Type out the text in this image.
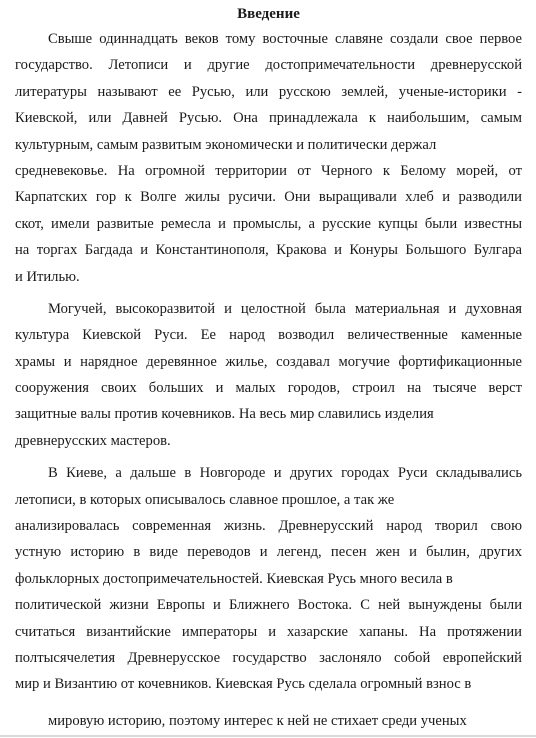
Введение
Свыше одиннадцать веков тому восточные славяне создали свое первое
государство. Летописи и другие достопримечательности древнерусской
литературы называют ее Русью, или русскою землей, ученые-историки -
Киевской, или Давней Русью. Она принадлежала к наибольшим, самым
культурным, самым развитым экономически и политически держал
средневековье. На огромной территории от Черного к Белому морей, от
Карпатских гор к Волге жилы русичи. Они выращивали хлеб и разводили
скот, имели развитые ремесла и промыслы, а русские купцы были известны
на торгах Багдада и Константинополя, Кракова и Конуры Большого Булгара
и Итилью.
Могучей, высокоразвитой и целостной была материальная и духовная
культура Киевской Руси. Ее народ возводил величественные каменные
храмы и нарядное деревянное жилье, создавал могучие фортификационные
сооружения своих больших и малых городов, строил на тысяче верст
защитные валы против кочевников. На весь мир славились изделия
древнерусских мастеров.
В Киеве, а дальше в Новгороде и других городах Руси складывались
летописи, в которых описывалось славное прошлое, а так же
анализировалась современная жизнь. Древнерусский народ творил свою
устную историю в виде переводов и легенд, песен жен и былин, других
фольклорных достопримечательностей. Киевская Русь много весила в
политической жизни Европы и Ближнего Востока. С ней вынуждены были
считаться византийские императоры и хазарские хапаны. На протяжении
полтысячелетия Древнерусское государство заслоняло собой европейский
мир и Византию от кочевников. Киевская Русь сделала огромный взнос в
мировую историю, поэтому интерес к ней не стихает среди ученых
